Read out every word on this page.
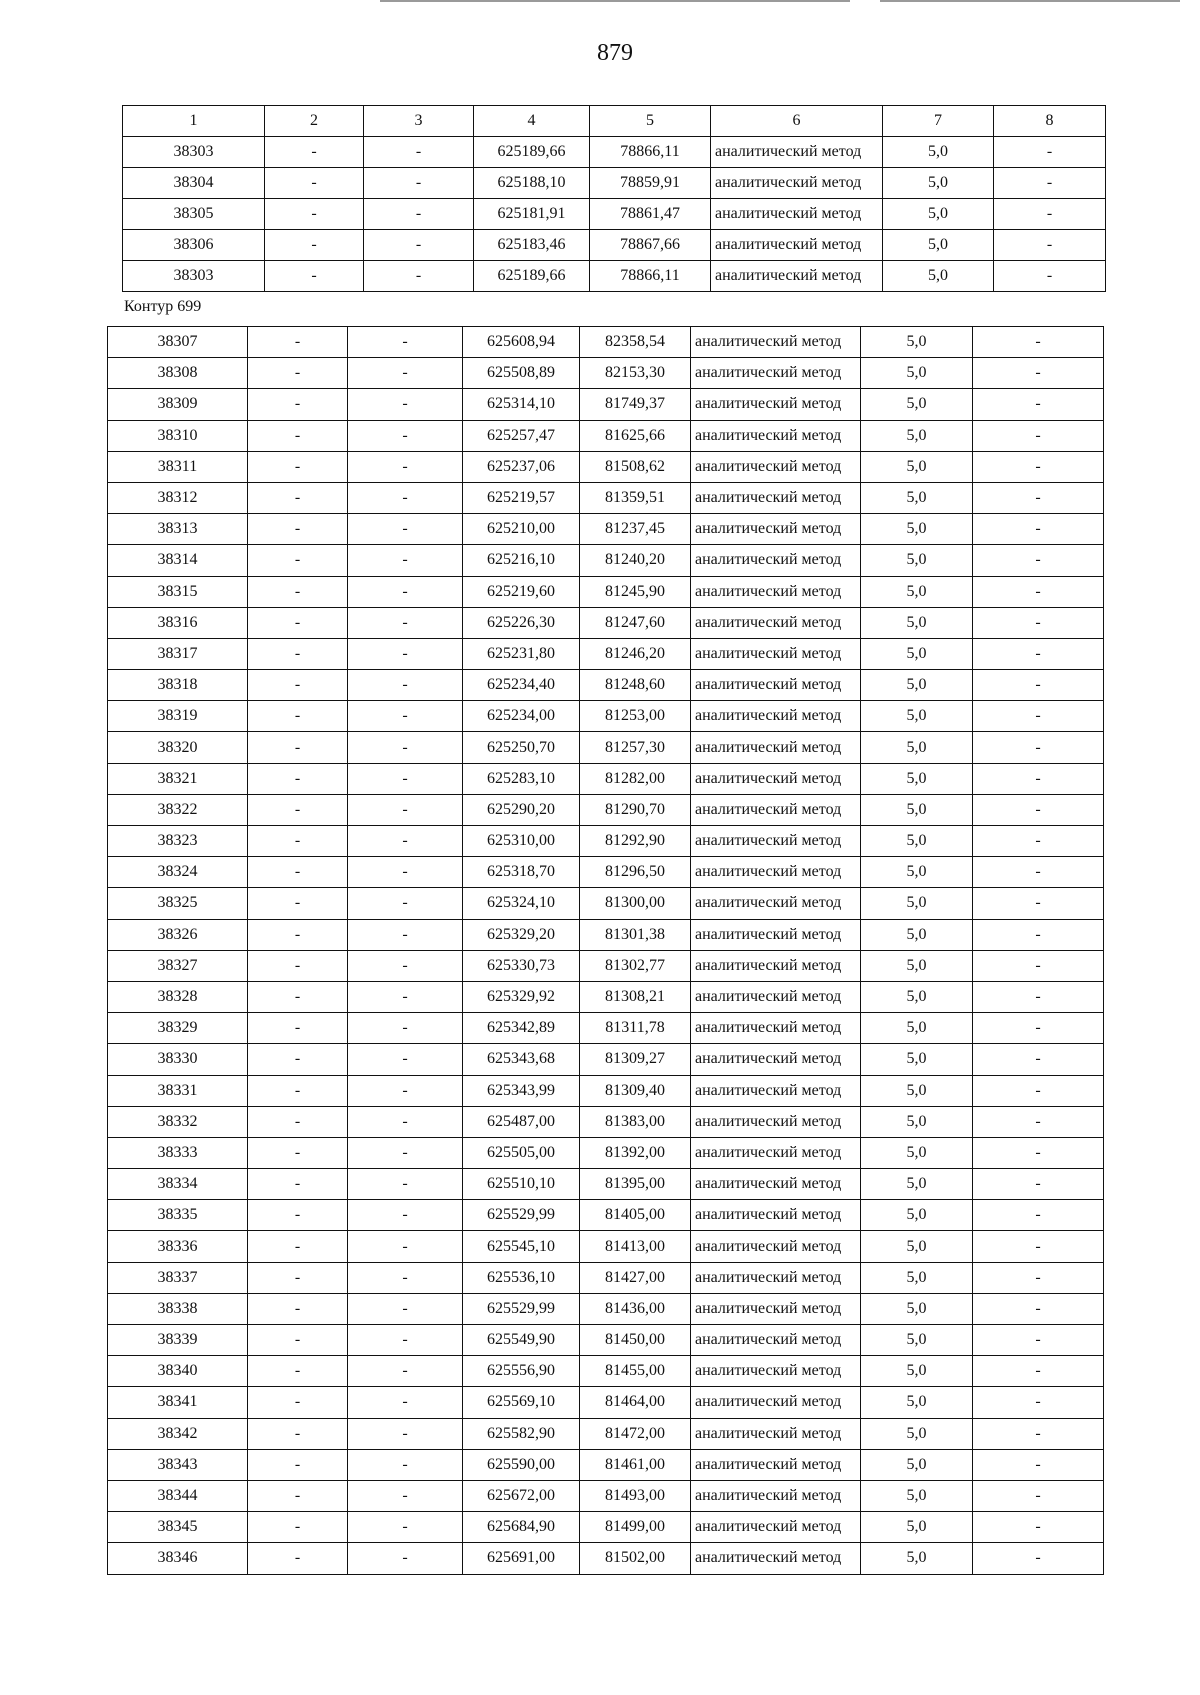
879
1	2	3	4	5	6	7	8
38303	-	-	625189,66	78866,11	аналитический метод	5,0	-
38304	-	-	625188,10	78859,91	аналитический метод	5,0	-
38305	-	-	625181,91	78861,47	аналитический метод	5,0	-
38306	-	-	625183,46	78867,66	аналитический метод	5,0	-
38303	-	-	625189,66	78866,11	аналитический метод	5,0	-
Контур 699
38307	-	-	625608,94	82358,54	аналитический метод	5,0	-
38308	-	-	625508,89	82153,30	аналитический метод	5,0	-
38309	-	-	625314,10	81749,37	аналитический метод	5,0	-
38310	-	-	625257,47	81625,66	аналитический метод	5,0	-
38311	-	-	625237,06	81508,62	аналитический метод	5,0	-
38312	-	-	625219,57	81359,51	аналитический метод	5,0	-
38313	-	-	625210,00	81237,45	аналитический метод	5,0	-
38314	-	-	625216,10	81240,20	аналитический метод	5,0	-
38315	-	-	625219,60	81245,90	аналитический метод	5,0	-
38316	-	-	625226,30	81247,60	аналитический метод	5,0	-
38317	-	-	625231,80	81246,20	аналитический метод	5,0	-
38318	-	-	625234,40	81248,60	аналитический метод	5,0	-
38319	-	-	625234,00	81253,00	аналитический метод	5,0	-
38320	-	-	625250,70	81257,30	аналитический метод	5,0	-
38321	-	-	625283,10	81282,00	аналитический метод	5,0	-
38322	-	-	625290,20	81290,70	аналитический метод	5,0	-
38323	-	-	625310,00	81292,90	аналитический метод	5,0	-
38324	-	-	625318,70	81296,50	аналитический метод	5,0	-
38325	-	-	625324,10	81300,00	аналитический метод	5,0	-
38326	-	-	625329,20	81301,38	аналитический метод	5,0	-
38327	-	-	625330,73	81302,77	аналитический метод	5,0	-
38328	-	-	625329,92	81308,21	аналитический метод	5,0	-
38329	-	-	625342,89	81311,78	аналитический метод	5,0	-
38330	-	-	625343,68	81309,27	аналитический метод	5,0	-
38331	-	-	625343,99	81309,40	аналитический метод	5,0	-
38332	-	-	625487,00	81383,00	аналитический метод	5,0	-
38333	-	-	625505,00	81392,00	аналитический метод	5,0	-
38334	-	-	625510,10	81395,00	аналитический метод	5,0	-
38335	-	-	625529,99	81405,00	аналитический метод	5,0	-
38336	-	-	625545,10	81413,00	аналитический метод	5,0	-
38337	-	-	625536,10	81427,00	аналитический метод	5,0	-
38338	-	-	625529,99	81436,00	аналитический метод	5,0	-
38339	-	-	625549,90	81450,00	аналитический метод	5,0	-
38340	-	-	625556,90	81455,00	аналитический метод	5,0	-
38341	-	-	625569,10	81464,00	аналитический метод	5,0	-
38342	-	-	625582,90	81472,00	аналитический метод	5,0	-
38343	-	-	625590,00	81461,00	аналитический метод	5,0	-
38344	-	-	625672,00	81493,00	аналитический метод	5,0	-
38345	-	-	625684,90	81499,00	аналитический метод	5,0	-
38346	-	-	625691,00	81502,00	аналитический метод	5,0	-
